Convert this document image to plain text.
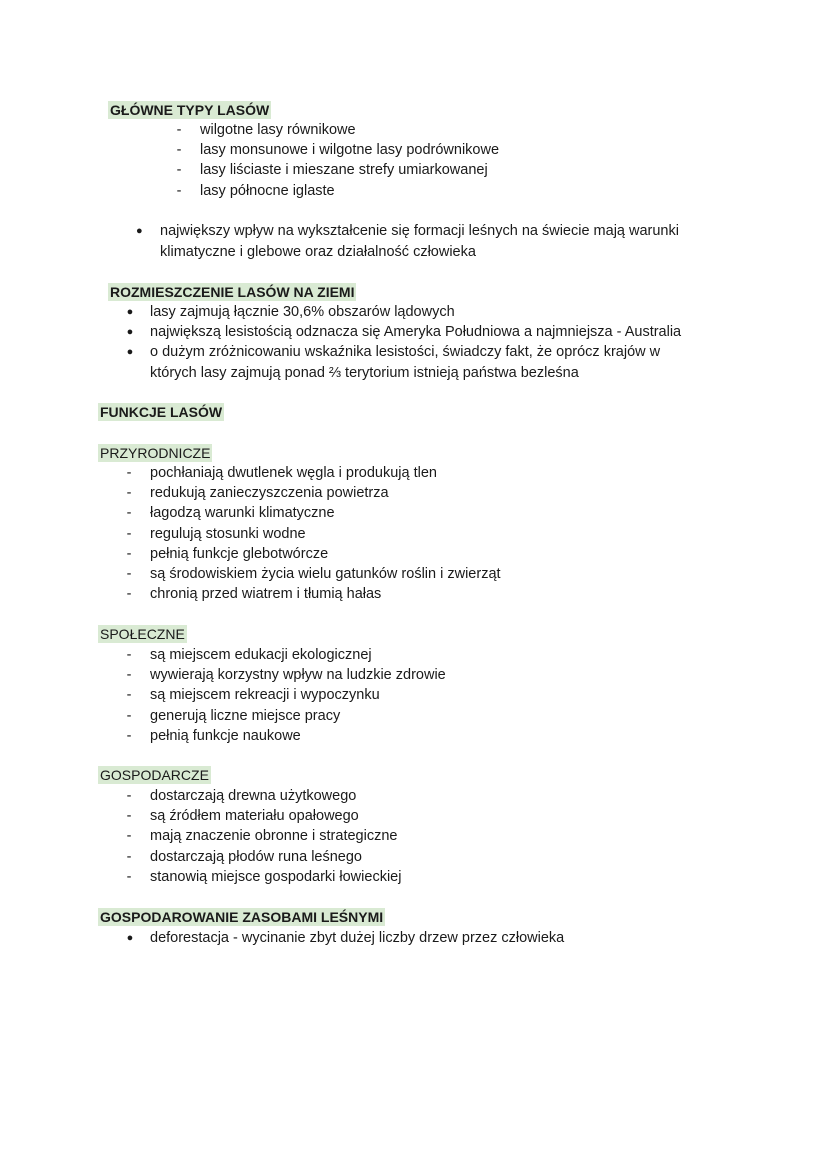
GŁÓWNE TYPY LASÓW
- wilgotne lasy równikowe
- lasy monsunowe i wilgotne lasy podrównikowe
- lasy liściaste i mieszane strefy umiarkowanej
- lasy północne iglaste
● największy wpływ na wykształcenie się formacji leśnych na świecie mają warunki
klimatyczne i glebowe oraz działalność człowieka
ROZMIESZCZENIE LASÓW NA ZIEMI
● lasy zajmują łącznie 30,6% obszarów lądowych
● największą lesistością odznacza się Ameryka Południowa a najmniejsza - Australia
● o dużym zróżnicowaniu wskaźnika lesistości, świadczy fakt, że oprócz krajów w
których lasy zajmują ponad ⅔ terytorium istnieją państwa bezleśna
FUNKCJE LASÓW
PRZYRODNICZE
- pochłaniają dwutlenek węgla i produkują tlen
- redukują zanieczyszczenia powietrza
- łagodzą warunki klimatyczne
- regulują stosunki wodne
- pełnią funkcje glebotwórcze
- są środowiskiem życia wielu gatunków roślin i zwierząt
- chronią przed wiatrem i tłumią hałas
SPOŁECZNE
- są miejscem edukacji ekologicznej
- wywierają korzystny wpływ na ludzkie zdrowie
- są miejscem rekreacji i wypoczynku
- generują liczne miejsce pracy
- pełnią funkcje naukowe
GOSPODARCZE
- dostarczają drewna użytkowego
- są źródłem materiału opałowego
- mają znaczenie obronne i strategiczne
- dostarczają płodów runa leśnego
- stanowią miejsce gospodarki łowieckiej
GOSPODAROWANIE ZASOBAMI LEŚNYMI
● deforestacja - wycinanie zbyt dużej liczby drzew przez człowieka
